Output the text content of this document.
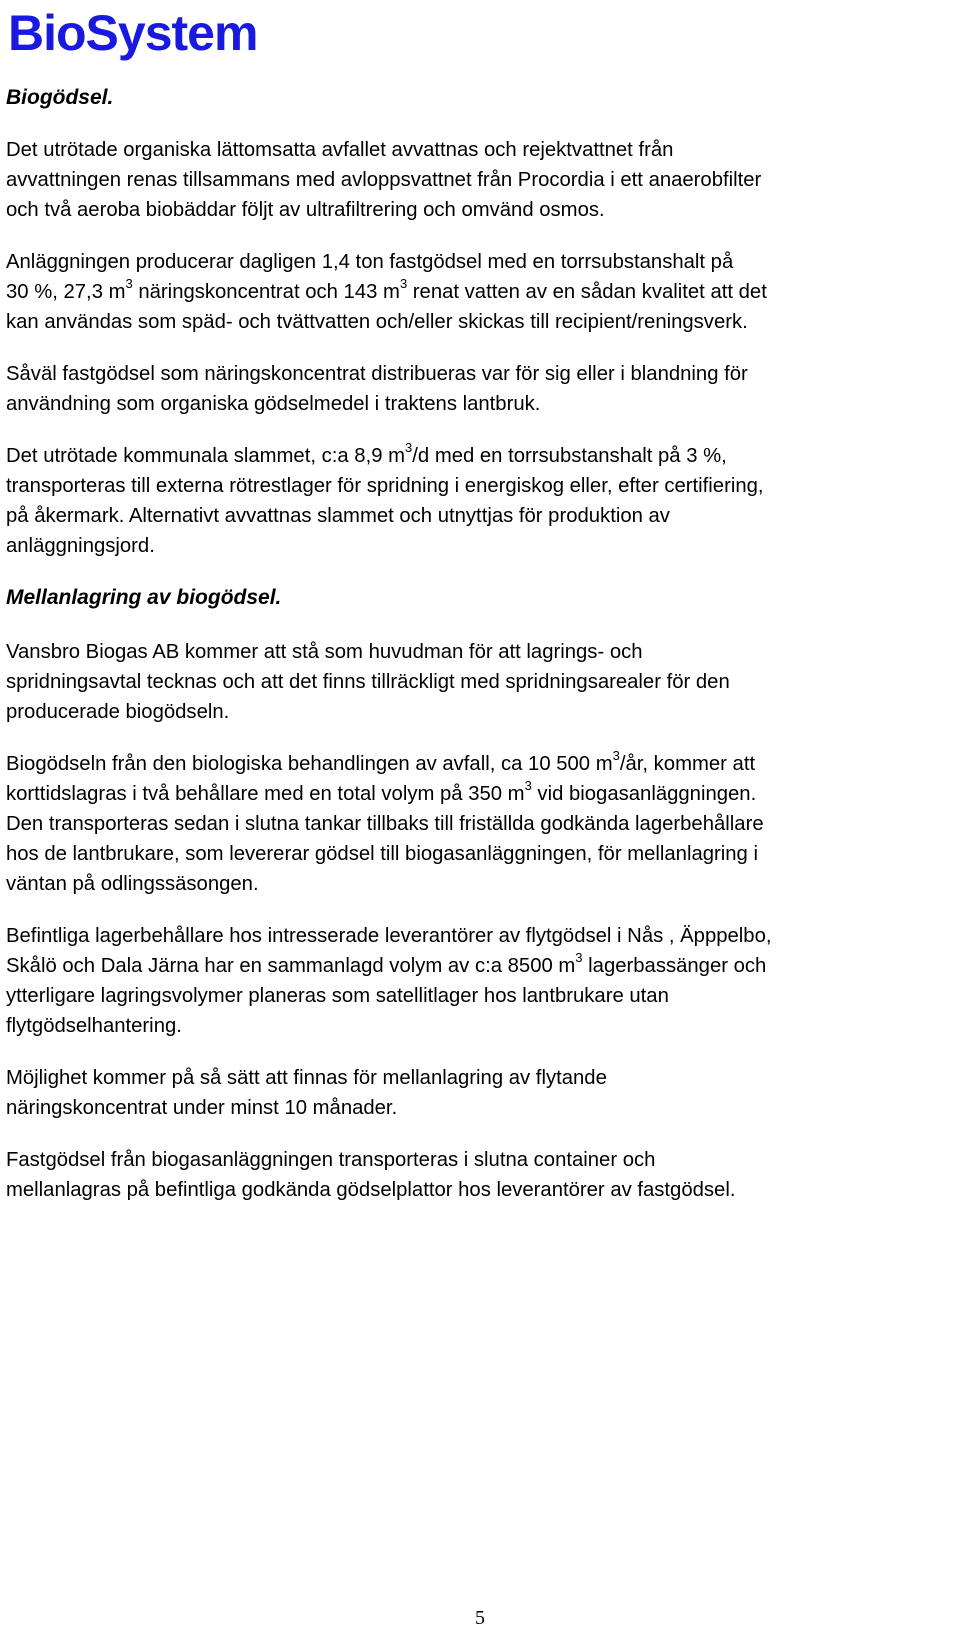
BioSystem
Biogödsel.
Det utrötade organiska lättomsatta avfallet avvattnas och rejektvattnet från
avvattningen renas tillsammans med avloppsvattnet från Procordia i ett anaerobfilter
och två aeroba biobäddar följt av ultrafiltrering och omvänd osmos.
Anläggningen producerar dagligen 1,4 ton fastgödsel med en torrsubstanshalt på
30 %, 27,3 $m^3$ näringskoncentrat och 143 $m^3$ renat vatten av en sådan kvalitet att det
kan användas som späd- och tvättvatten och/eller skickas till recipient/reningsverk.
Såväl fastgödsel som näringskoncentrat distribueras var för sig eller i blandning för
användning som organiska gödselmedel i traktens lantbruk.
Det utrötade kommunala slammet, c:a 8,9 $m^3/d$ med en torrsubstanshalt på 3 %,
transporteras till externa rötrestlager för spridning i energiskog eller, efter certifiering,
på åkermark. Alternativt avvattnas slammet och utnyttjas för produktion av
anläggningsjord.
Mellanlagring av biogödsel.
Vansbro Biogas AB kommer att stå som huvudman för att lagrings- och
spridningsavtal tecknas och att det finns tillräckligt med spridningsarealer för den
producerade biogödseln.
Biogödseln från den biologiska behandlingen av avfall, ca 10 500 $m^3/år$, kommer att
korttidslagras i två behållare med en total volym på 350 $m^3$ vid biogasanläggningen.
Den transporteras sedan i slutna tankar tillbaks till friställda godkända lagerbehållare
hos de lantbrukare, som levererar gödsel till biogasanläggningen, för mellanlagring i
väntan på odlingssäsongen.
Befintliga lagerbehållare hos intresserade leverantörer av flytgödsel i Nås , Äpppelbo,
Skålö och Dala Järna har en sammanlagd volym av c:a 8500 $m^3$ lagerbassänger och
ytterligare lagringsvolymer planeras som satellitlager hos lantbrukare utan
flytgödselhantering.
Möjlighet kommer på så sätt att finnas för mellanlagring av flytande
näringskoncentrat under minst 10 månader.
Fastgödsel från biogasanläggningen transporteras i slutna container och
mellanlagras på befintliga godkända gödselplattor hos leverantörer av fastgödsel.
5
